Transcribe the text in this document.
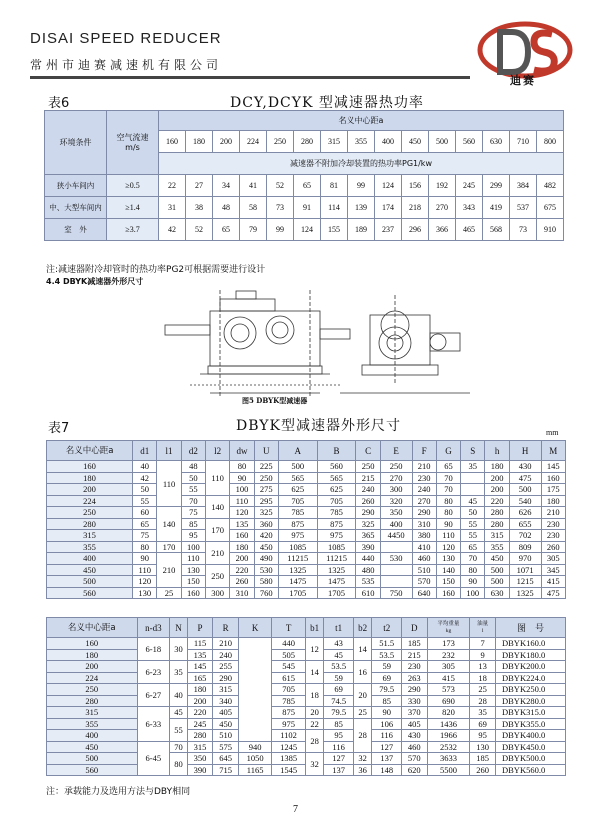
DISAI SPEED REDUCER
常州市迪赛减速机有限公司
迪赛
表6	DCY,DCYK 型减速器热功率
环境条件	空气流速
m/s	名义中心距a														
		160	180	200	224	250	280	315	355	400	450	500	560	630	710	800
		减速器不附加冷却装置的热功率PG1/kw														
狭小车间内	≥0.5	22	27	34	41	52	65	81	99	124	156	192	245	299	384	482
中、大型车间内	≥1.4	31	38	48	58	73	91	114	139	174	218	270	343	419	537	675
室　外	≥3.7	42	52	65	79	99	124	155	189	237	296	366	465	568	73	910
注:减速器附冷却管时的热功率PG2可根据需要进行设计
4.4 DBYK减速器外形尺寸
图5 DBYK型减速器
表7	DBYK型减速器外形尺寸	mm
名义中心距a	d1	l1	d2	l2	dw	U	A	B	C	E	F	G	S	h	H	M
160	40	110	48	110	80	225	500	560	250	250	210	65	35	180	430	145
180	42		50		90	250	565	565	215	270	230	70		200	475	160
200	50		55		100	275	625	625	240	300	240	70		200	500	175
224	55		70	140	110	295	705	705	260	320	270	80	45	220	540	180
250	60	140	75		120	325	785	785	290	350	290	80	50	280	626	210
280	65		85	170	135	360	875	875	325	400	310	90	55	280	655	230
315	75		95		160	420	975	975	365	4450	380	110	55	315	702	230
355	80	170	100	210	180	450	1085	1085	390		410	120	65	355	809	260
400	90	210	110		200	490	11215	11215	440	530	460	130	70	450	970	305
450	110		130	250	220	530	1325	1325	480		510	140	80	500	1071	345
500	120		150		260	580	1475	1475	535		570	150	90	500	1215	415
560	130	25	160	300	310	760	1705	1705	610	750	640	160	100	630	1325	475
名义中心距a	n-d3	N	P	R	K	T	b1	t1	b2	t2	D	平均重量
kg	油量
l	图　号
160	6-18	30	115	210		440	12	43	14	51.5	185	173	7	DBYK160.0
180			135	240		505		45		53.5	215	232	9	DBYK180.0
200	6-23	35	145	255		545	14	53.5	16	59	230	305	13	DBYK200.0
224			165	290		615		59		69	263	415	18	DBYK224.0
250	6-27	40	180	315		705	18	69	20	79.5	290	573	25	DBYK250.0
280			200	340		785		74.5		85	330	690	28	DBYK280.0
315	6-33	45	220	405		875	20	79.5	25	90	370	820	35	DBYK315.0
355		55	245	450		975	22	85	28	106	405	1436	69	DBYK355.0
400			280	510		1102	28	95		116	430	1966	95	DBYK400.0
450	6-45	70	315	575	940	1245		116		127	460	2532	130	DBYK450.0
500		80	350	645	1050	1385	32	127	32	137	570	3633	185	DBYK500.0
560			390	715	1165	1545		137	36	148	620	5500	260	DBYK560.0
注：承载能力及选用方法与DBY相同
7
